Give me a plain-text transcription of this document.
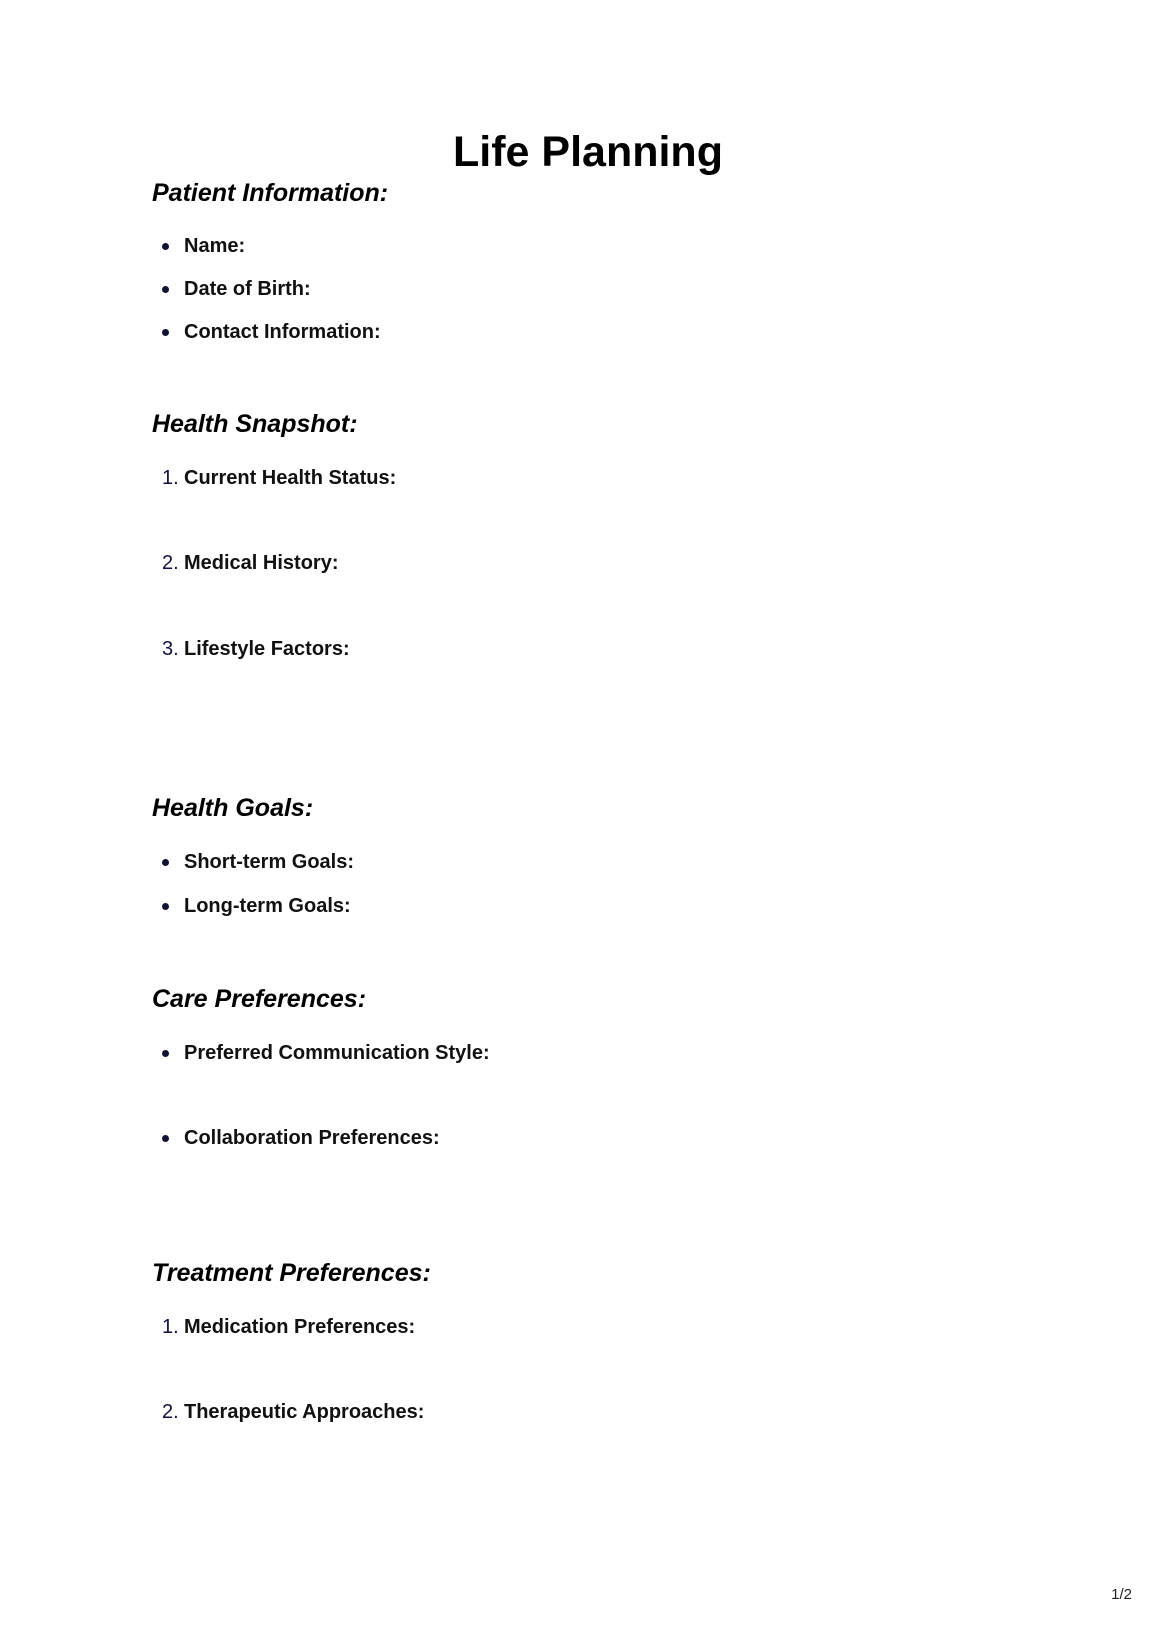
Life Planning
Patient Information:
Name:
Date of Birth:
Contact Information:
Health Snapshot:
1. Current Health Status:
2. Medical History:
3. Lifestyle Factors:
Health Goals:
Short-term Goals:
Long-term Goals:
Care Preferences:
Preferred Communication Style:
Collaboration Preferences:
Treatment Preferences:
1. Medication Preferences:
2. Therapeutic Approaches:
1/2
